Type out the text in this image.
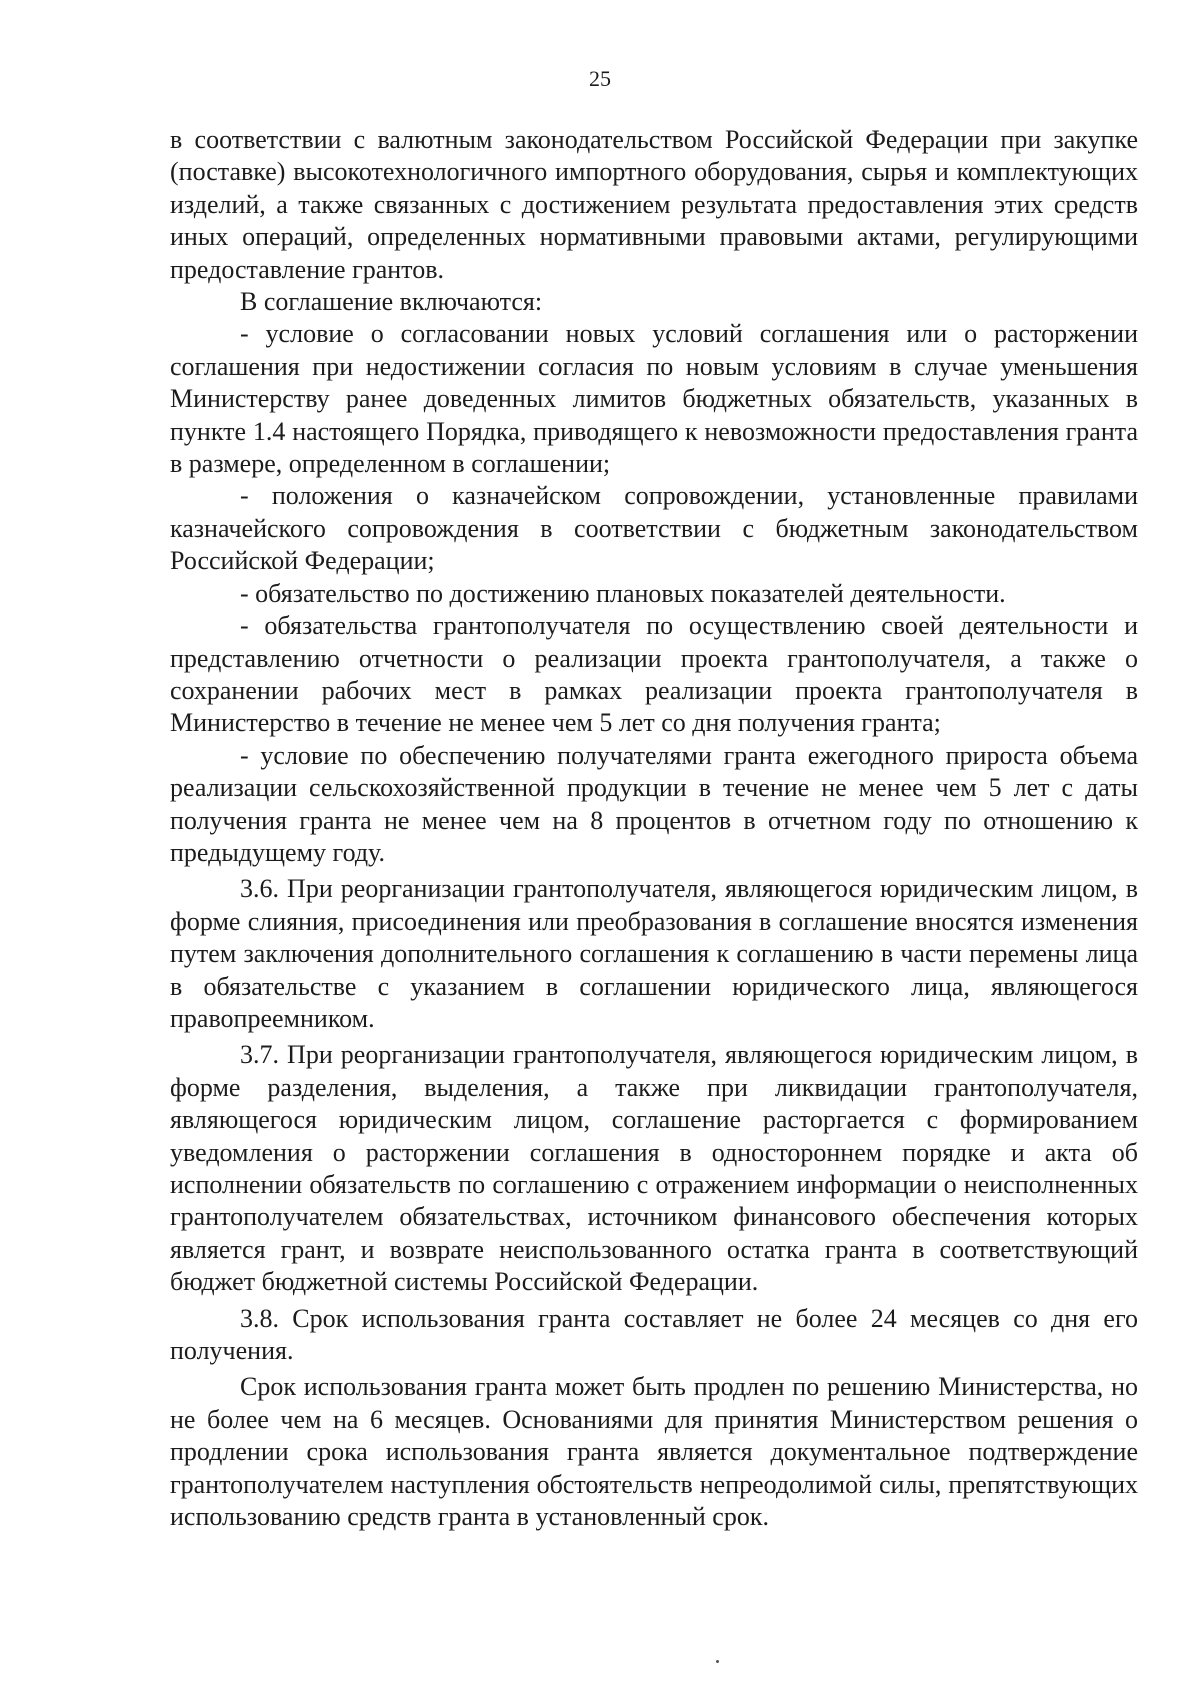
25

в соответствии с валютным законодательством Российской Федерации при закупке (поставке) высокотехнологичного импортного оборудования, сырья и комплектующих изделий, а также связанных с достижением результата предоставления этих средств иных операций, определенных нормативными правовыми актами, регулирующими предоставление грантов.

В соглашение включаются:

- условие о согласовании новых условий соглашения или о расторжении соглашения при недостижении согласия по новым условиям в случае уменьшения Министерству ранее доведенных лимитов бюджетных обязательств, указанных в пункте 1.4 настоящего Порядка, приводящего к невозможности предоставления гранта в размере, определенном в соглашении;

- положения о казначейском сопровождении, установленные правилами казначейского сопровождения в соответствии с бюджетным законодательством Российской Федерации;

- обязательство по достижению плановых показателей деятельности.

- обязательства грантополучателя по осуществлению своей деятельности и представлению отчетности о реализации проекта грантополучателя, а также о сохранении рабочих мест в рамках реализации проекта грантополучателя в Министерство в течение не менее чем 5 лет со дня получения гранта;

- условие по обеспечению получателями гранта ежегодного прироста объема реализации сельскохозяйственной продукции в течение не менее чем 5 лет с даты получения гранта не менее чем на 8 процентов в отчетном году по отношению к предыдущему году.

3.6. При реорганизации грантополучателя, являющегося юридическим лицом, в форме слияния, присоединения или преобразования в соглашение вносятся изменения путем заключения дополнительного соглашения к соглашению в части перемены лица в обязательстве с указанием в соглашении юридического лица, являющегося правопреемником.

3.7. При реорганизации грантополучателя, являющегося юридическим лицом, в форме разделения, выделения, а также при ликвидации грантополучателя, являющегося юридическим лицом, соглашение расторгается с формированием уведомления о расторжении соглашения в одностороннем порядке и акта об исполнении обязательств по соглашению с отражением информации о неисполненных грантополучателем обязательствах, источником финансового обеспечения которых является грант, и возврате неиспользованного остатка гранта в соответствующий бюджет бюджетной системы Российской Федерации.

3.8. Срок использования гранта составляет не более 24 месяцев со дня его получения.

Срок использования гранта может быть продлен по решению Министерства, но не более чем на 6 месяцев. Основаниями для принятия Министерством решения о продлении срока использования гранта является документальное подтверждение грантополучателем наступления обстоятельств непреодолимой силы, препятствующих использованию средств гранта в установленный срок.
